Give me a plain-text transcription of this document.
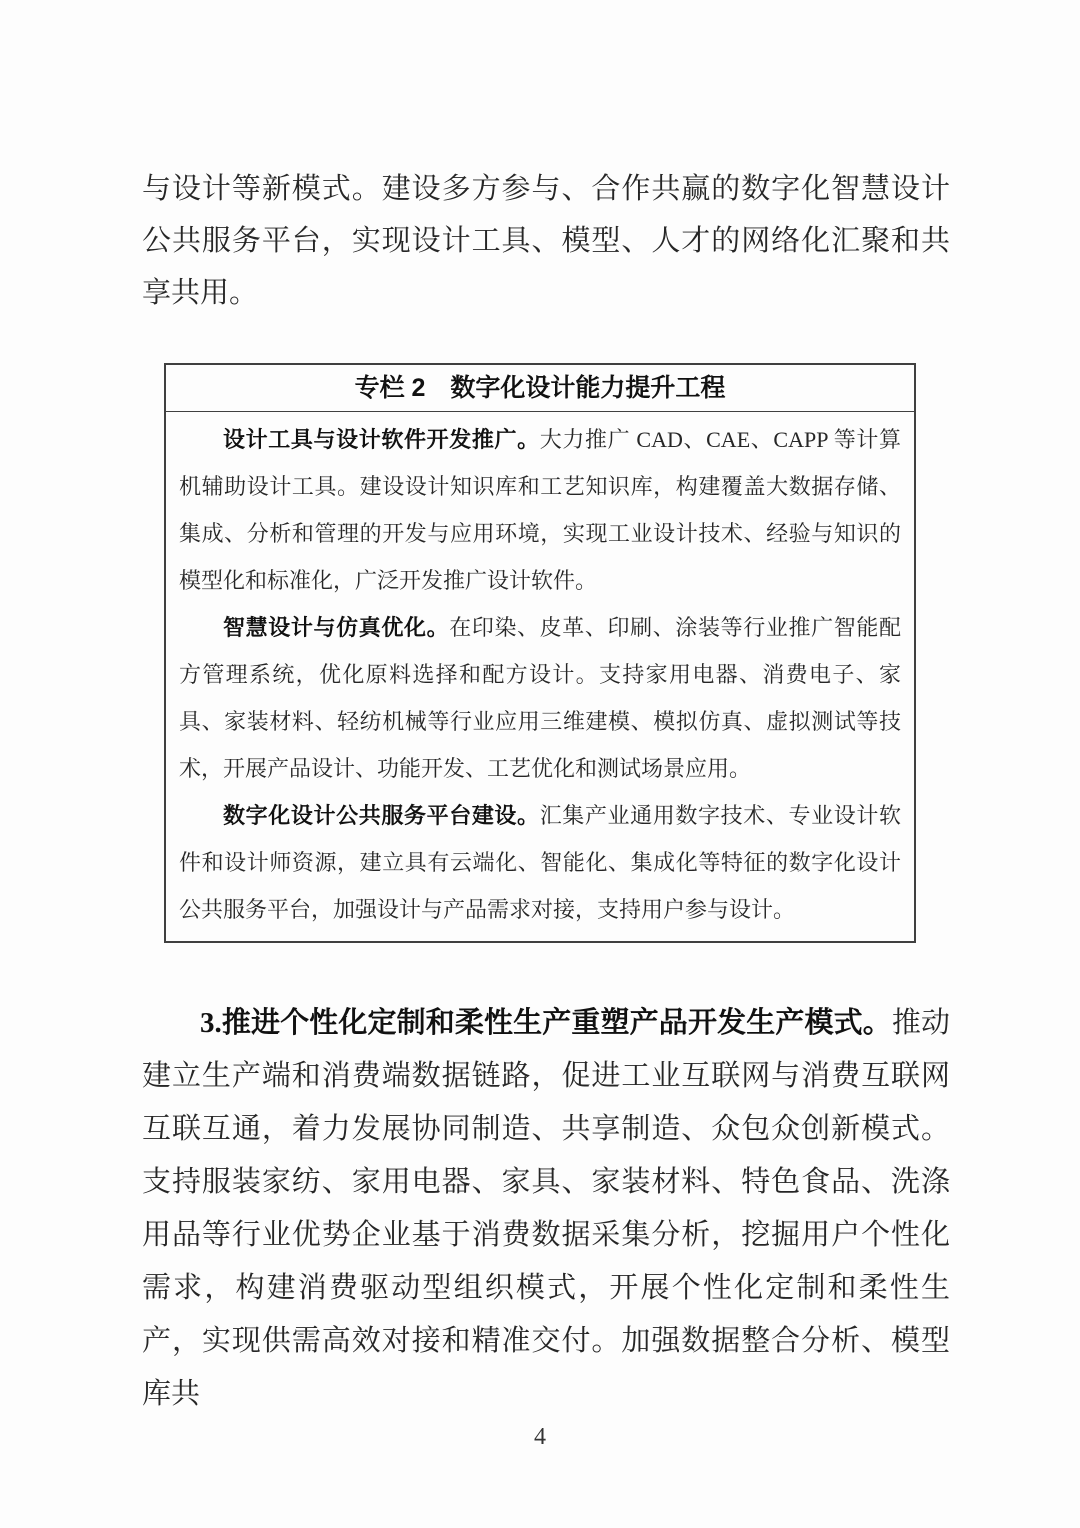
与设计等新模式。建设多方参与、合作共赢的数字化智慧设计公共服务平台，实现设计工具、模型、人才的网络化汇聚和共享共用。

专栏 2　数字化设计能力提升工程

设计工具与设计软件开发推广。大力推广 CAD、CAE、CAPP 等计算机辅助设计工具。建设设计知识库和工艺知识库，构建覆盖大数据存储、集成、分析和管理的开发与应用环境，实现工业设计技术、经验与知识的模型化和标准化，广泛开发推广设计软件。

智慧设计与仿真优化。在印染、皮革、印刷、涂装等行业推广智能配方管理系统，优化原料选择和配方设计。支持家用电器、消费电子、家具、家装材料、轻纺机械等行业应用三维建模、模拟仿真、虚拟测试等技术，开展产品设计、功能开发、工艺优化和测试场景应用。

数字化设计公共服务平台建设。汇集产业通用数字技术、专业设计软件和设计师资源，建立具有云端化、智能化、集成化等特征的数字化设计公共服务平台，加强设计与产品需求对接，支持用户参与设计。

3.推进个性化定制和柔性生产重塑产品开发生产模式。推动建立生产端和消费端数据链路，促进工业互联网与消费互联网互联互通，着力发展协同制造、共享制造、众包众创新模式。支持服装家纺、家用电器、家具、家装材料、特色食品、洗涤用品等行业优势企业基于消费数据采集分析，挖掘用户个性化需求，构建消费驱动型组织模式，开展个性化定制和柔性生产，实现供需高效对接和精准交付。加强数据整合分析、模型库共

4
